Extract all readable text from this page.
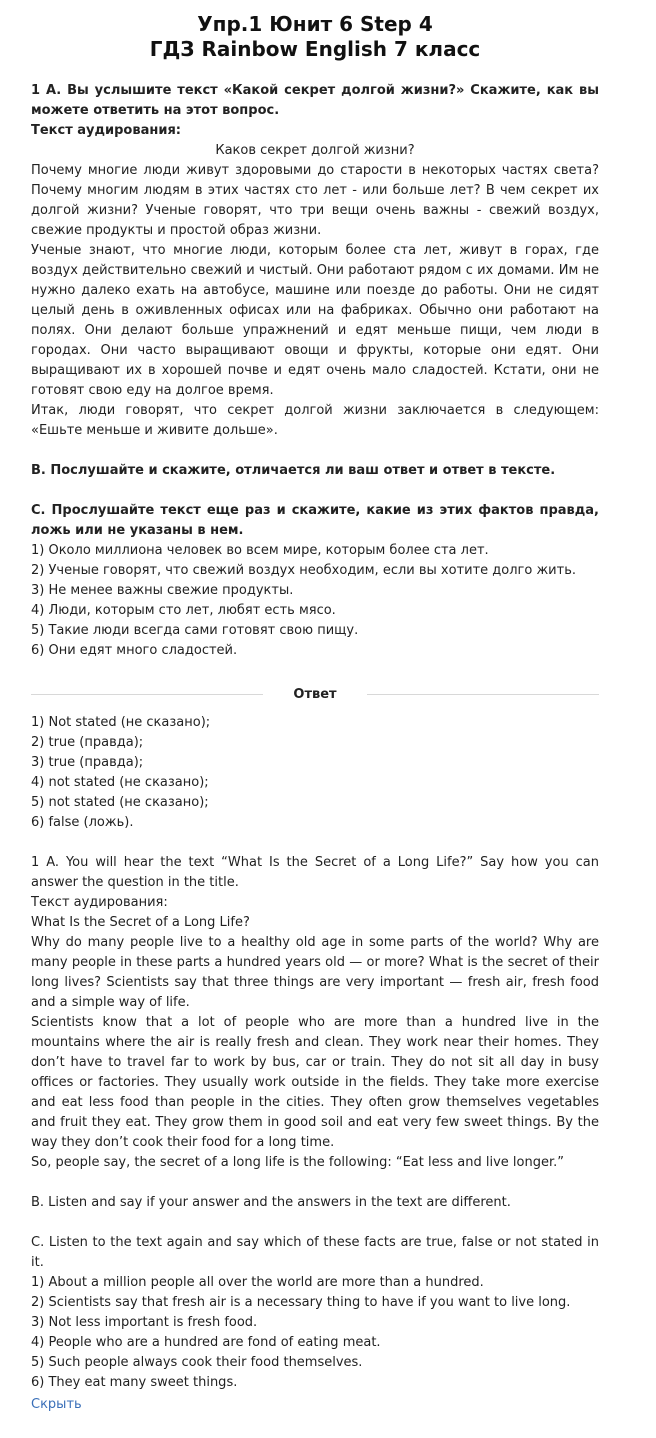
Упр.1 Юнит 6 Step 4
ГДЗ Rainbow English 7 класс

1 A. Вы услышите текст «Какой секрет долгой жизни?» Скажите, как вы можете ответить на этот вопрос.

Текст аудирования:

Каков секрет долгой жизни?

Почему многие люди живут здоровыми до старости в некоторых частях света? Почему многим людям в этих частях сто лет - или больше лет? В чем секрет их долгой жизни? Ученые говорят, что три вещи очень важны - свежий воздух, свежие продукты и простой образ жизни.

Ученые знают, что многие люди, которым более ста лет, живут в горах, где воздух действительно свежий и чистый. Они работают рядом с их домами. Им не нужно далеко ехать на автобусе, машине или поезде до работы. Они не сидят целый день в оживленных офисах или на фабриках. Обычно они работают на полях. Они делают больше упражнений и едят меньше пищи, чем люди в городах. Они часто выращивают овощи и фрукты, которые они едят. Они выращивают их в хорошей почве и едят очень мало сладостей. Кстати, они не готовят свою еду на долгое время.

Итак, люди говорят, что секрет долгой жизни заключается в следующем: «Ешьте меньше и живите дольше».

B. Послушайте и скажите, отличается ли ваш ответ и ответ в тексте.

C. Прослушайте текст еще раз и скажите, какие из этих фактов правда, ложь или не указаны в нем.

1) Около миллиона человек во всем мире, которым более ста лет.

2) Ученые говорят, что свежий воздух необходим, если вы хотите долго жить.

3) Не менее важны свежие продукты.

4) Люди, которым сто лет, любят есть мясо.

5) Такие люди всегда сами готовят свою пищу.

6) Они едят много сладостей.

Ответ

1) Not stated (не сказано);

2) true (правда);

3) true (правда);

4) not stated (не сказано);

5) not stated (не сказано);

6) false (ложь).

1 A. You will hear the text “What Is the Secret of a Long Life?” Say how you can answer the question in the title.

Текст аудирования:

What Is the Secret of a Long Life?

Why do many people live to a healthy old age in some parts of the world? Why are many people in these parts a hundred years old — or more? What is the secret of their long lives? Scientists say that three things are very important — fresh air, fresh food and a simple way of life.

Scientists know that a lot of people who are more than a hundred live in the mountains where the air is really fresh and clean. They work near their homes. They don’t have to travel far to work by bus, car or train. They do not sit all day in busy offices or factories. They usually work outside in the fields. They take more exercise and eat less food than people in the cities. They often grow themselves vegetables and fruit they eat. They grow them in good soil and eat very few sweet things. By the way they don’t cook their food for a long time.

So, people say, the secret of a long life is the following: “Eat less and live longer.”

B. Listen and say if your answer and the answers in the text are different.

C. Listen to the text again and say which of these facts are true, false or not stated in it.

1) About a million people all over the world are more than a hundred.

2) Scientists say that fresh air is a necessary thing to have if you want to live long.

3) Not less important is fresh food.

4) People who are a hundred are fond of eating meat.

5) Such people always cook their food themselves.

6) They eat many sweet things.

Скрыть
